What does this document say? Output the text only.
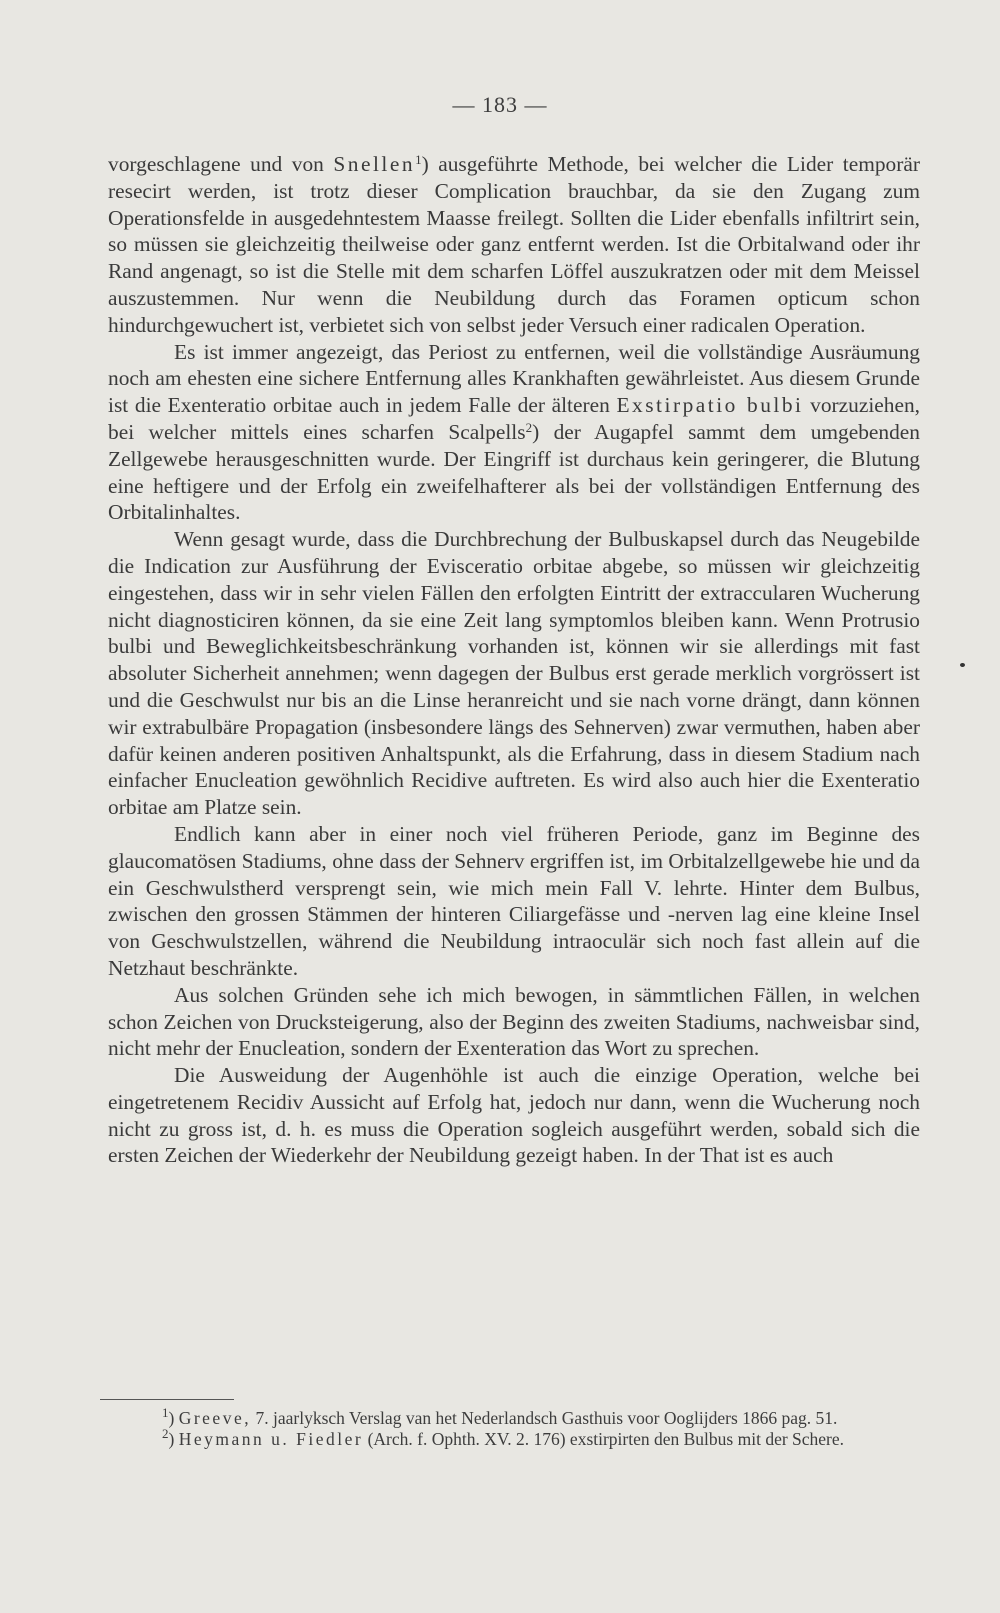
— 183 —

vorgeschlagene und von Snellen$^1$) ausgeführte Methode, bei welcher die Lider temporär resecirt werden, ist trotz dieser Complication brauchbar, da sie den Zugang zum Operationsfelde in ausgedehntestem Maasse freilegt. Sollten die Lider ebenfalls infiltrirt sein, so müssen sie gleichzeitig theilweise oder ganz entfernt werden. Ist die Orbitalwand oder ihr Rand angenagt, so ist die Stelle mit dem scharfen Löffel auszukratzen oder mit dem Meissel auszustemmen. Nur wenn die Neubildung durch das Foramen opticum schon hindurchgewuchert ist, verbietet sich von selbst jeder Versuch einer radicalen Operation.

Es ist immer angezeigt, das Periost zu entfernen, weil die vollständige Ausräumung noch am ehesten eine sichere Entfernung alles Krankhaften gewährleistet. Aus diesem Grunde ist die Exenteratio orbitae auch in jedem Falle der älteren Exstirpatio bulbi vorzuziehen, bei welcher mittels eines scharfen Scalpells$^2$) der Augapfel sammt dem umgebenden Zellgewebe herausgeschnitten wurde. Der Eingriff ist durchaus kein geringerer, die Blutung eine heftigere und der Erfolg ein zweifelhafterer als bei der vollständigen Entfernung des Orbitalinhaltes.

Wenn gesagt wurde, dass die Durchbrechung der Bulbuskapsel durch das Neugebilde die Indication zur Ausführung der Evisceratio orbitae abgebe, so müssen wir gleichzeitig eingestehen, dass wir in sehr vielen Fällen den erfolgten Eintritt der extraccularen Wucherung nicht diagnosticiren können, da sie eine Zeit lang symptomlos bleiben kann. Wenn Protrusio bulbi und Beweglichkeitsbeschränkung vorhanden ist, können wir sie allerdings mit fast absoluter Sicherheit annehmen; wenn dagegen der Bulbus erst gerade merklich vorgrössert ist und die Geschwulst nur bis an die Linse heranreicht und sie nach vorne drängt, dann können wir extrabulbäre Propagation (insbesondere längs des Sehnerven) zwar vermuthen, haben aber dafür keinen anderen positiven Anhaltspunkt, als die Erfahrung, dass in diesem Stadium nach einfacher Enucleation gewöhnlich Recidive auftreten. Es wird also auch hier die Exenteratio orbitae am Platze sein.

Endlich kann aber in einer noch viel früheren Periode, ganz im Beginne des glaucomatösen Stadiums, ohne dass der Sehnerv ergriffen ist, im Orbitalzellgewebe hie und da ein Geschwulstherd versprengt sein, wie mich mein Fall V. lehrte. Hinter dem Bulbus, zwischen den grossen Stämmen der hinteren Ciliargefässe und -nerven lag eine kleine Insel von Geschwulstzellen, während die Neubildung intraoculär sich noch fast allein auf die Netzhaut beschränkte.

Aus solchen Gründen sehe ich mich bewogen, in sämmtlichen Fällen, in welchen schon Zeichen von Drucksteigerung, also der Beginn des zweiten Stadiums, nachweisbar sind, nicht mehr der Enucleation, sondern der Exenteration das Wort zu sprechen.

Die Ausweidung der Augenhöhle ist auch die einzige Operation, welche bei eingetretenem Recidiv Aussicht auf Erfolg hat, jedoch nur dann, wenn die Wucherung noch nicht zu gross ist, d. h. es muss die Operation sogleich ausgeführt werden, sobald sich die ersten Zeichen der Wiederkehr der Neubildung gezeigt haben. In der That ist es auch

$^1$) Greeve, 7. jaarlyksch Verslag van het Nederlandsch Gasthuis voor Ooglijders 1866 pag. 51.

$^2$) Heymann u. Fiedler (Arch. f. Ophth. XV. 2. 176) exstirpirten den Bulbus mit der Schere.
